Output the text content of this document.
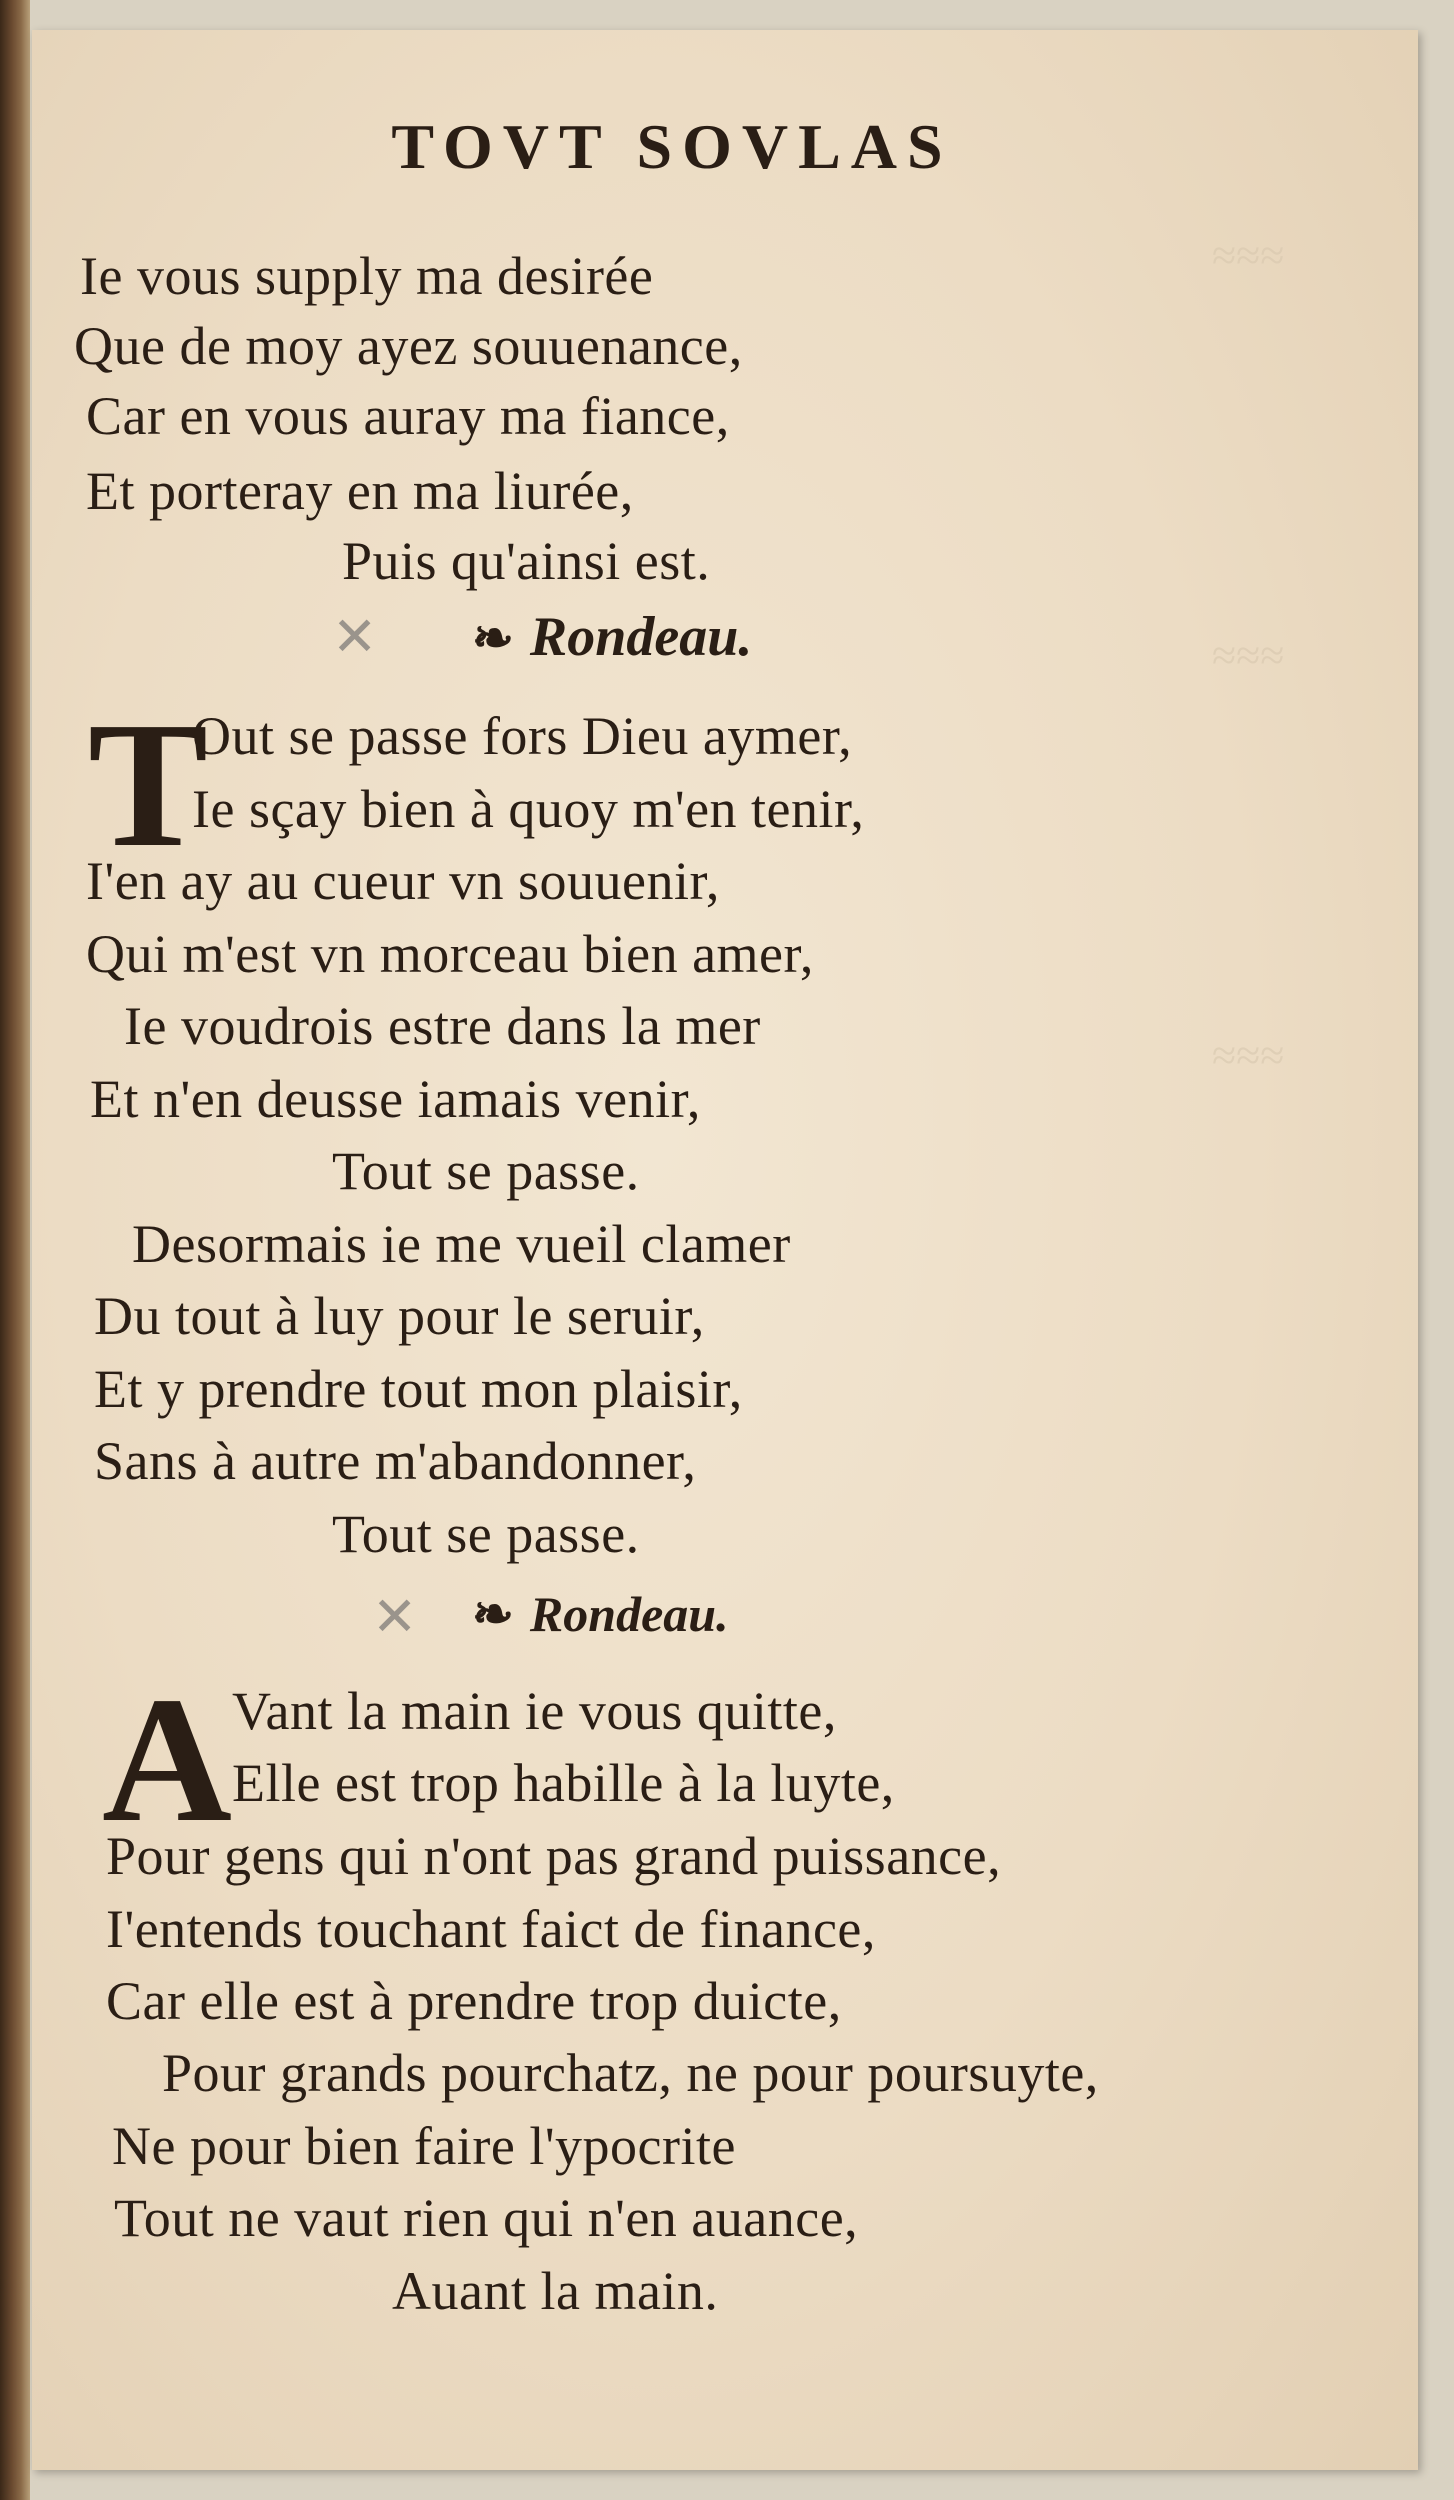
≈≈≈
≈≈≈
≈≈≈
TOVT SOVLAS
Ie vous supply ma desirée
Que de moy ayez souuenance,
Car en vous auray ma fiance,
Et porteray en ma liurée,
Puis qu'ainsi est.
✕ ❧ Rondeau.
T
Out se passe fors Dieu aymer,
Ie sçay bien à quoy m'en tenir,
I'en ay au cueur vn souuenir,
Qui m'est vn morceau bien amer,
Ie voudrois estre dans la mer
Et n'en deusse iamais venir,
Tout se passe.
Desormais ie me vueil clamer
Du tout à luy pour le seruir,
Et y prendre tout mon plaisir,
Sans à autre m'abandonner,
Tout se passe.
✕ ❧ Rondeau.
A Vant la main ie vous quitte,
Elle est trop habille à la luyte,
Pour gens qui n'ont pas grand puissance,
I'entends touchant faict de finance,
Car elle est à prendre trop duicte,
Pour grands pourchatz, ne pour poursuyte,
Ne pour bien faire l'ypocrite
Tout ne vaut rien qui n'en auance,
Auant la main.
